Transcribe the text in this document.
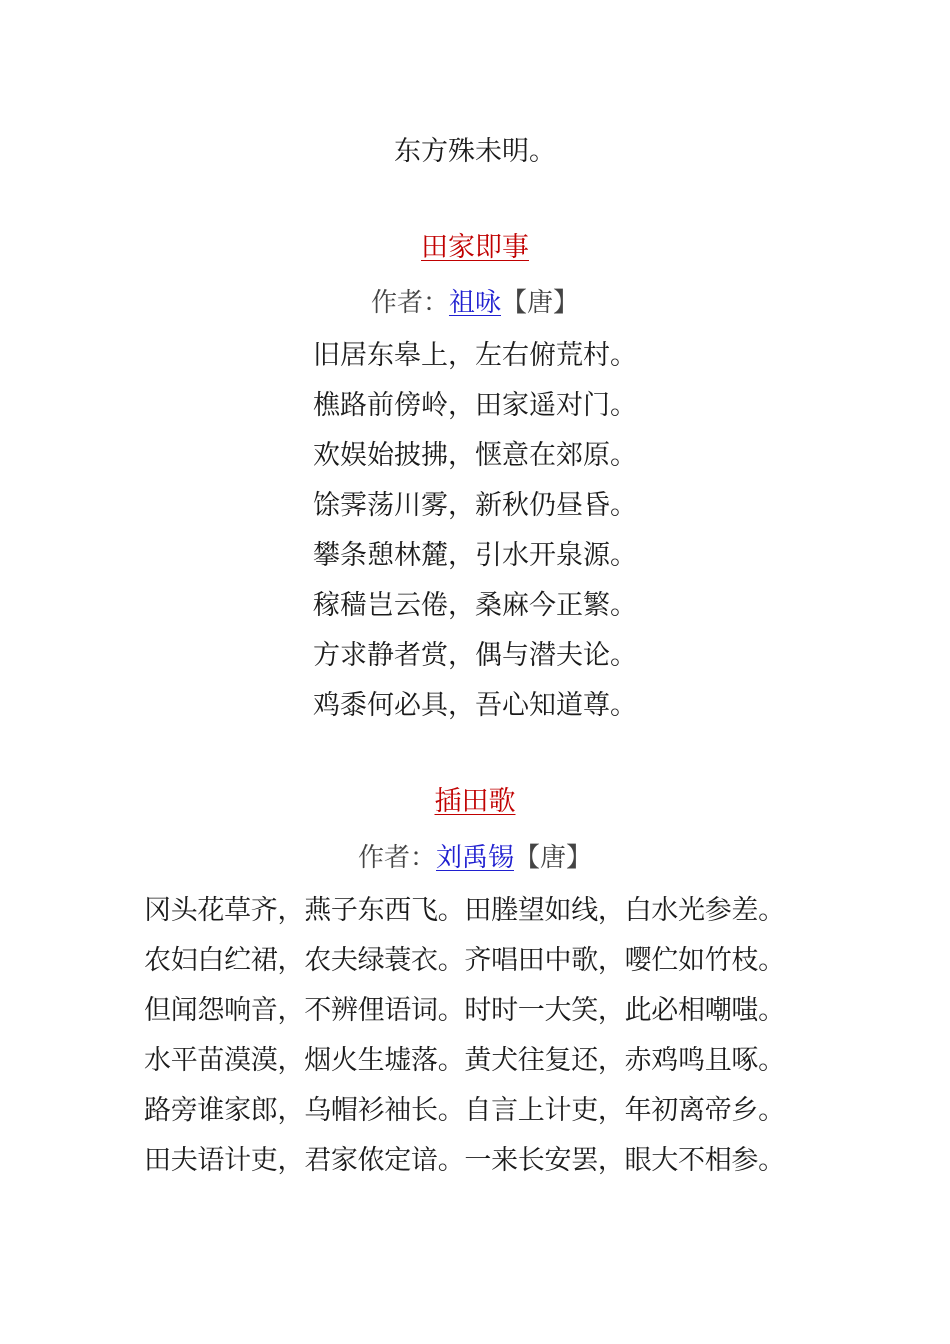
东方殊未明。
田家即事
作者：祖咏【唐】
旧居东皋上，左右俯荒村。
樵路前傍岭，田家遥对门。
欢娱始披拂，惬意在郊原。
馀霁荡川雾，新秋仍昼昏。
攀条憩林麓，引水开泉源。
稼穑岂云倦，桑麻今正繁。
方求静者赏，偶与潜夫论。
鸡黍何必具，吾心知道尊。
插田歌
作者：刘禹锡【唐】
冈头花草齐，燕子东西飞。田塍望如线，白水光参差。
农妇白纻裙，农夫绿蓑衣。齐唱田中歌，嘤伫如竹枝。
但闻怨响音，不辨俚语词。时时一大笑，此必相嘲嗤。
水平苗漠漠，烟火生墟落。黄犬往复还，赤鸡鸣且啄。
路旁谁家郎，乌帽衫袖长。自言上计吏，年初离帝乡。
田夫语计吏，君家侬定谙。一来长安罢，眼大不相参。
